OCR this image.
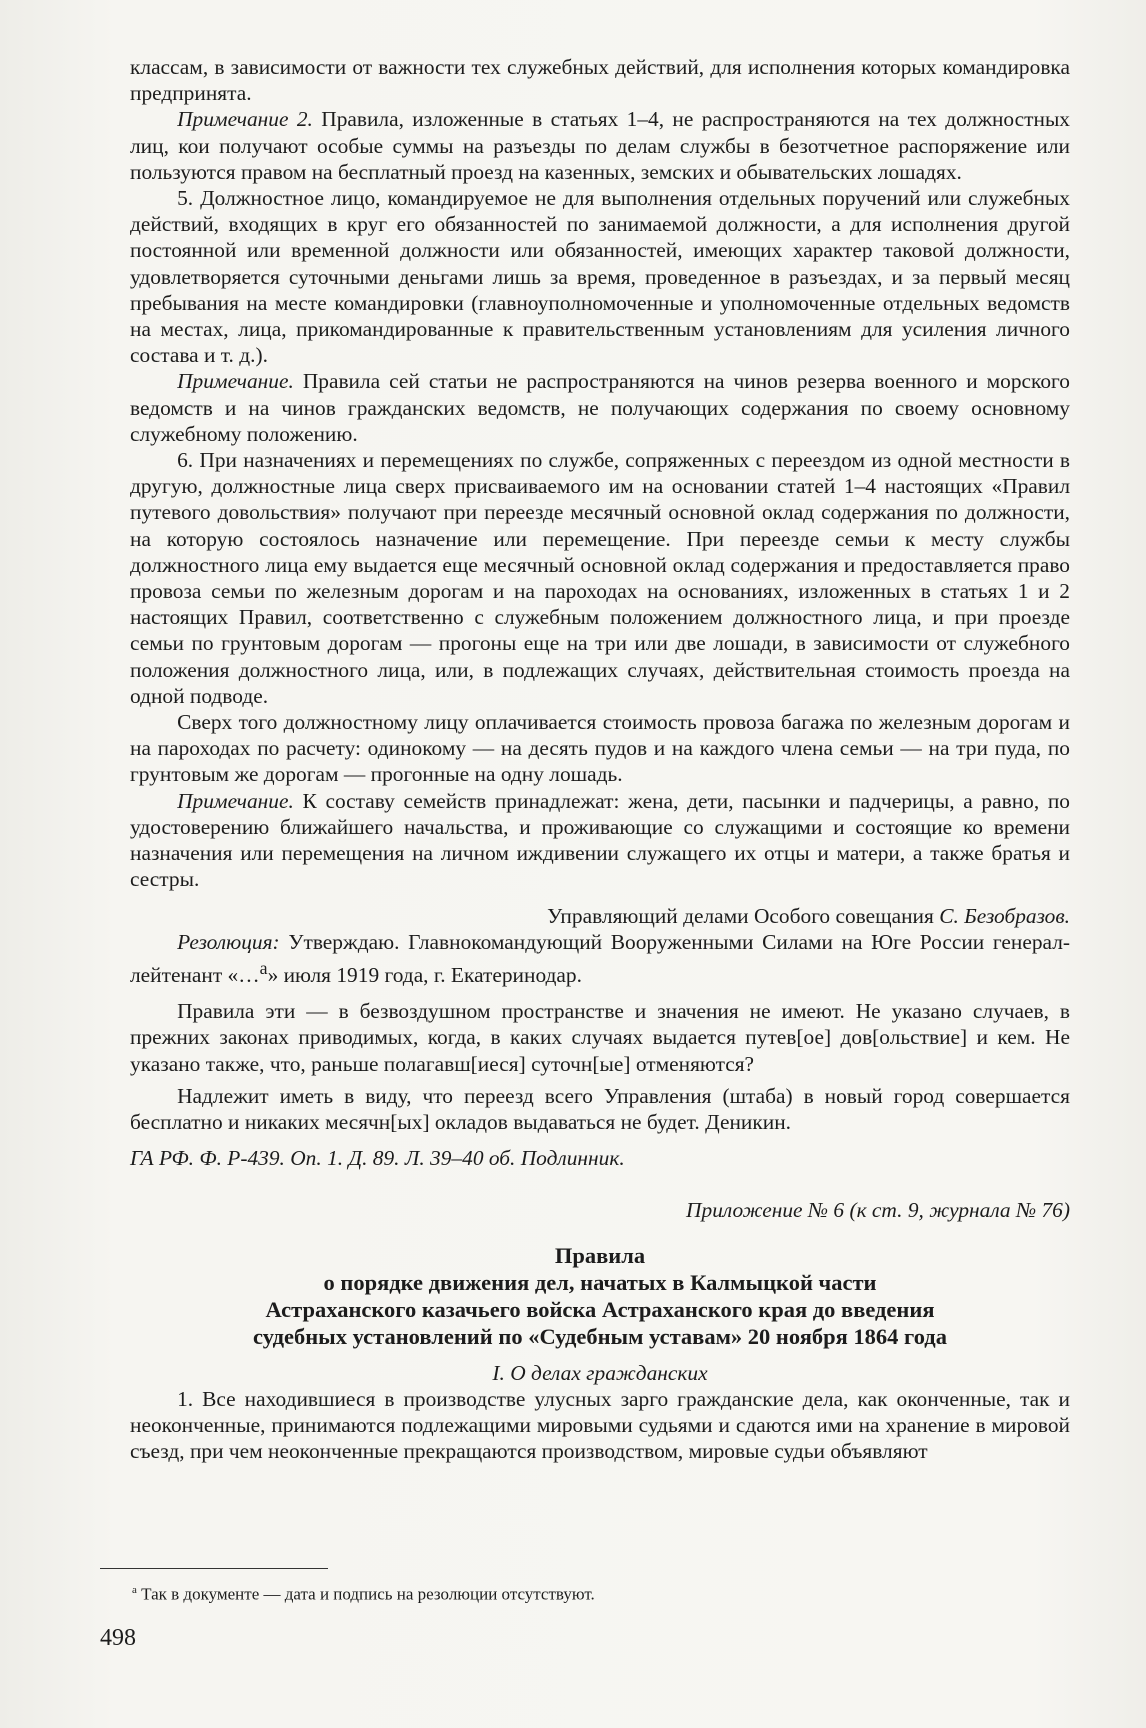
классам, в зависимости от важности тех служебных действий, для исполнения которых командировка предпринята.

Примечание 2. Правила, изложенные в статьях 1–4, не распространяются на тех должностных лиц, кои получают особые суммы на разъезды по делам службы в безотчетное распоряжение или пользуются правом на бесплатный проезд на казенных, земских и обывательских лошадях.

5. Должностное лицо, командируемое не для выполнения отдельных поручений или служебных действий, входящих в круг его обязанностей по занимаемой должности, а для исполнения другой постоянной или временной должности или обязанностей, имеющих характер таковой должности, удовлетворяется суточными деньгами лишь за время, проведенное в разъездах, и за первый месяц пребывания на месте командировки (главноуполномоченные и уполномоченные отдельных ведомств на местах, лица, прикомандированные к правительственным установлениям для усиления личного состава и т. д.).

Примечание. Правила сей статьи не распространяются на чинов резерва военного и морского ведомств и на чинов гражданских ведомств, не получающих содержания по своему основному служебному положению.

6. При назначениях и перемещениях по службе, сопряженных с переездом из одной местности в другую, должностные лица сверх присваиваемого им на основании статей 1–4 настоящих «Правил путевого довольствия» получают при переезде месячный основной оклад содержания по должности, на которую состоялось назначение или перемещение. При переезде семьи к месту службы должностного лица ему выдается еще месячный основной оклад содержания и предоставляется право провоза семьи по железным дорогам и на пароходах на основаниях, изложенных в статьях 1 и 2 настоящих Правил, соответственно с служебным положением должностного лица, и при проезде семьи по грунтовым дорогам — прогоны еще на три или две лошади, в зависимости от служебного положения должностного лица, или, в подлежащих случаях, действительная стоимость проезда на одной подводе.

Сверх того должностному лицу оплачивается стоимость провоза багажа по железным дорогам и на пароходах по расчету: одинокому — на десять пудов и на каждого члена семьи — на три пуда, по грунтовым же дорогам — прогонные на одну лошадь.

Примечание. К составу семейств принадлежат: жена, дети, пасынки и падчерицы, а равно, по удостоверению ближайшего начальства, и проживающие со служащими и состоящие ко времени назначения или перемещения на личном иждивении служащего их отцы и матери, а также братья и сестры.

Управляющий делами Особого совещания С. Безобразов.

Резолюция: Утверждаю. Главнокомандующий Вооруженными Силами на Юге России генерал-лейтенант «…$^а$» июля 1919 года, г. Екатеринодар.

Правила эти — в безвоздушном пространстве и значения не имеют. Не указано случаев, в прежних законах приводимых, когда, в каких случаях выдается путев[ое] дов[ольствие] и кем. Не указано также, что, раньше полагавш[иеся] суточн[ые] отменяются?

Надлежит иметь в виду, что переезд всего Управления (штаба) в новый город совершается бесплатно и никаких месячн[ых] окладов выдаваться не будет. Деникин.

ГА РФ. Ф. Р-439. Оп. 1. Д. 89. Л. 39–40 об. Подлинник.

Приложение № 6 (к ст. 9, журнала № 76)

Правила

о порядке движения дел, начатых в Калмыцкой части

Астраханского казачьего войска Астраханского края до введения

судебных установлений по «Судебным уставам» 20 ноября 1864 года

I. О делах гражданских

1. Все находившиеся в производстве улусных зарго гражданские дела, как оконченные, так и неоконченные, принимаются подлежащими мировыми судьями и сдаются ими на хранение в мировой съезд, при чем неоконченные прекращаются производством, мировые судьи объявляют

$^а$ Так в документе — дата и подпись на резолюции отсутствуют.
498
